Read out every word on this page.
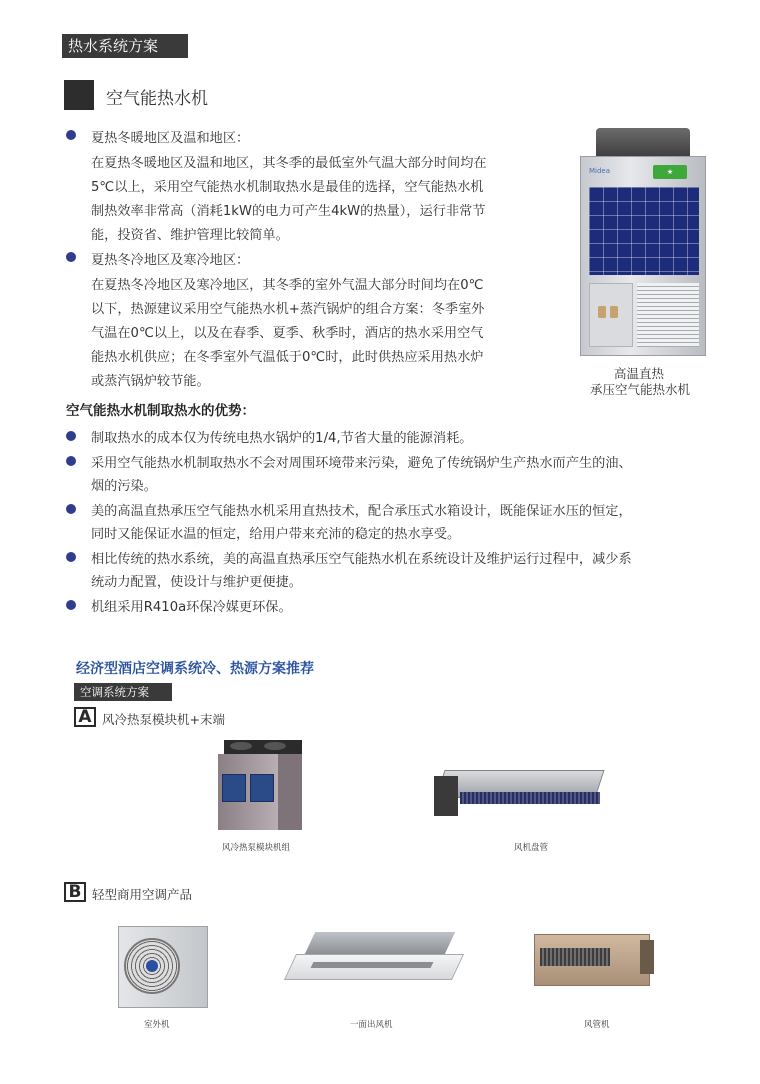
热水系统方案
空气能热水机
夏热冬暖地区及温和地区：
在夏热冬暖地区及温和地区，其冬季的最低室外气温大部分时间均在
5℃以上，采用空气能热水机制取热水是最佳的选择，空气能热水机
制热效率非常高（消耗1kW的电力可产生4kW的热量），运行非常节
能，投资省、维护管理比较简单。
夏热冬冷地区及寒冷地区：
在夏热冬冷地区及寒冷地区，其冬季的室外气温大部分时间均在0℃
以下，热源建议采用空气能热水机+蒸汽锅炉的组合方案：冬季室外
气温在0℃以上，以及在春季、夏季、秋季时，酒店的热水采用空气
能热水机供应；在冬季室外气温低于0℃时，此时供热应采用热水炉
或蒸汽锅炉较节能。
Midea	★
高温直热
承压空气能热水机
空气能热水机制取热水的优势：
制取热水的成本仅为传统电热水锅炉的1/4,节省大量的能源消耗。
采用空气能热水机制取热水不会对周围环境带来污染，避免了传统锅炉生产热水而产生的油、
烟的污染。
美的高温直热承压空气能热水机采用直热技术，配合承压式水箱设计，既能保证水压的恒定，
同时又能保证水温的恒定，给用户带来充沛的稳定的热水享受。
相比传统的热水系统，美的高温直热承压空气能热水机在系统设计及维护运行过程中，减少系
统动力配置，使设计与维护更便捷。
机组采用R410a环保冷媒更环保。
经济型酒店空调系统冷、热源方案推荐
空调系统方案
A 风冷热泵模块机+末端
风冷热泵模块机组	风机盘管
B 轻型商用空调产品
室外机	一面出风机	风管机
